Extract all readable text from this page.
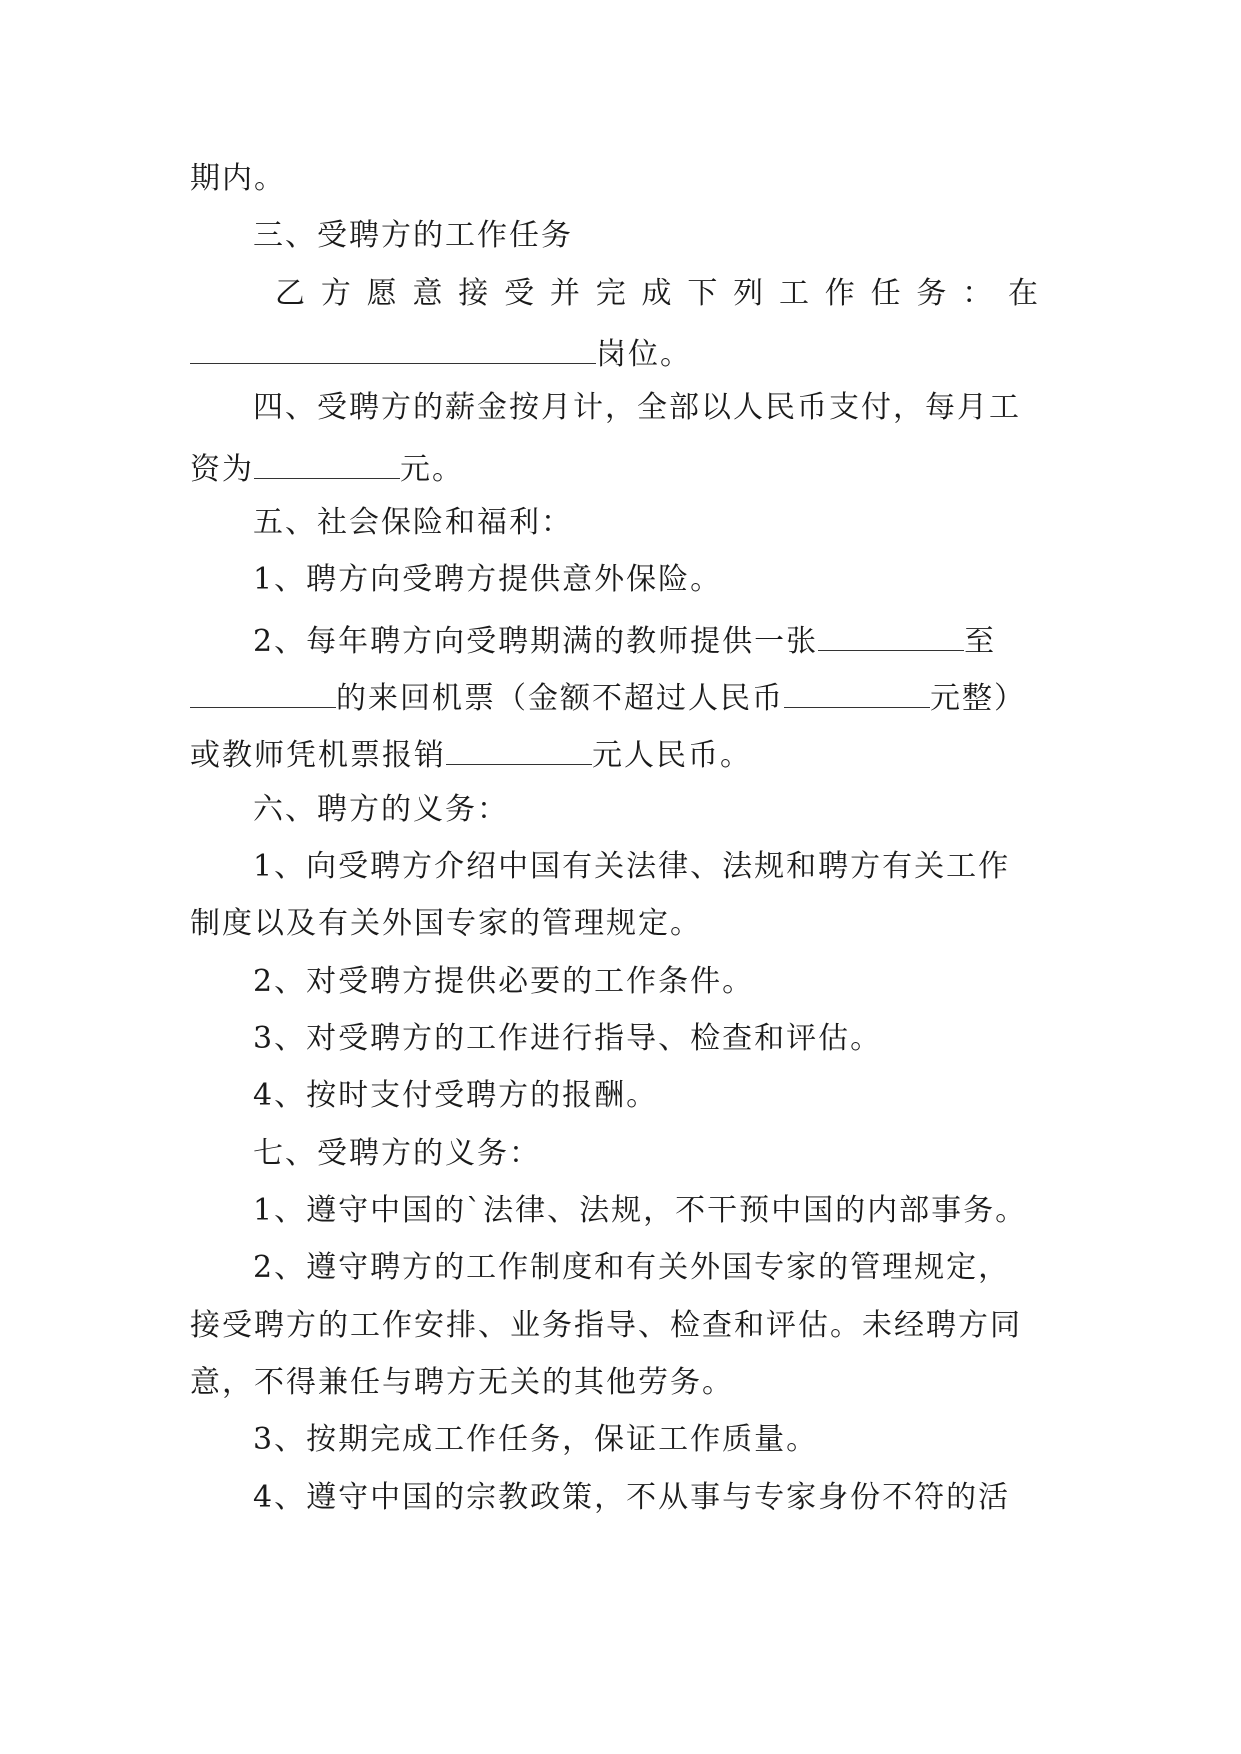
期内。
三、受聘方的工作任务
乙 方 愿 意 接 受 并 完 成 下 列 工 作 任 务 ： 在
岗位。
四、受聘方的薪金按月计，全部以人民币支付，每月工
资为	元。
五、社会保险和福利：
1、聘方向受聘方提供意外保险。
2、每年聘方向受聘期满的教师提供一张	至
的来回机票（金额不超过人民币	元整）
或教师凭机票报销	元人民币。
六、聘方的义务：
1、向受聘方介绍中国有关法律、法规和聘方有关工作
制度以及有关外国专家的管理规定。
2、对受聘方提供必要的工作条件。
3、对受聘方的工作进行指导、检查和评估。
4、按时支付受聘方的报酬。
七、受聘方的义务：
1、遵守中国的`法律、法规，不干预中国的内部事务。
2、遵守聘方的工作制度和有关外国专家的管理规定，
接受聘方的工作安排、业务指导、检查和评估。未经聘方同
意，不得兼任与聘方无关的其他劳务。
3、按期完成工作任务，保证工作质量。
4、遵守中国的宗教政策，不从事与专家身份不符的活
